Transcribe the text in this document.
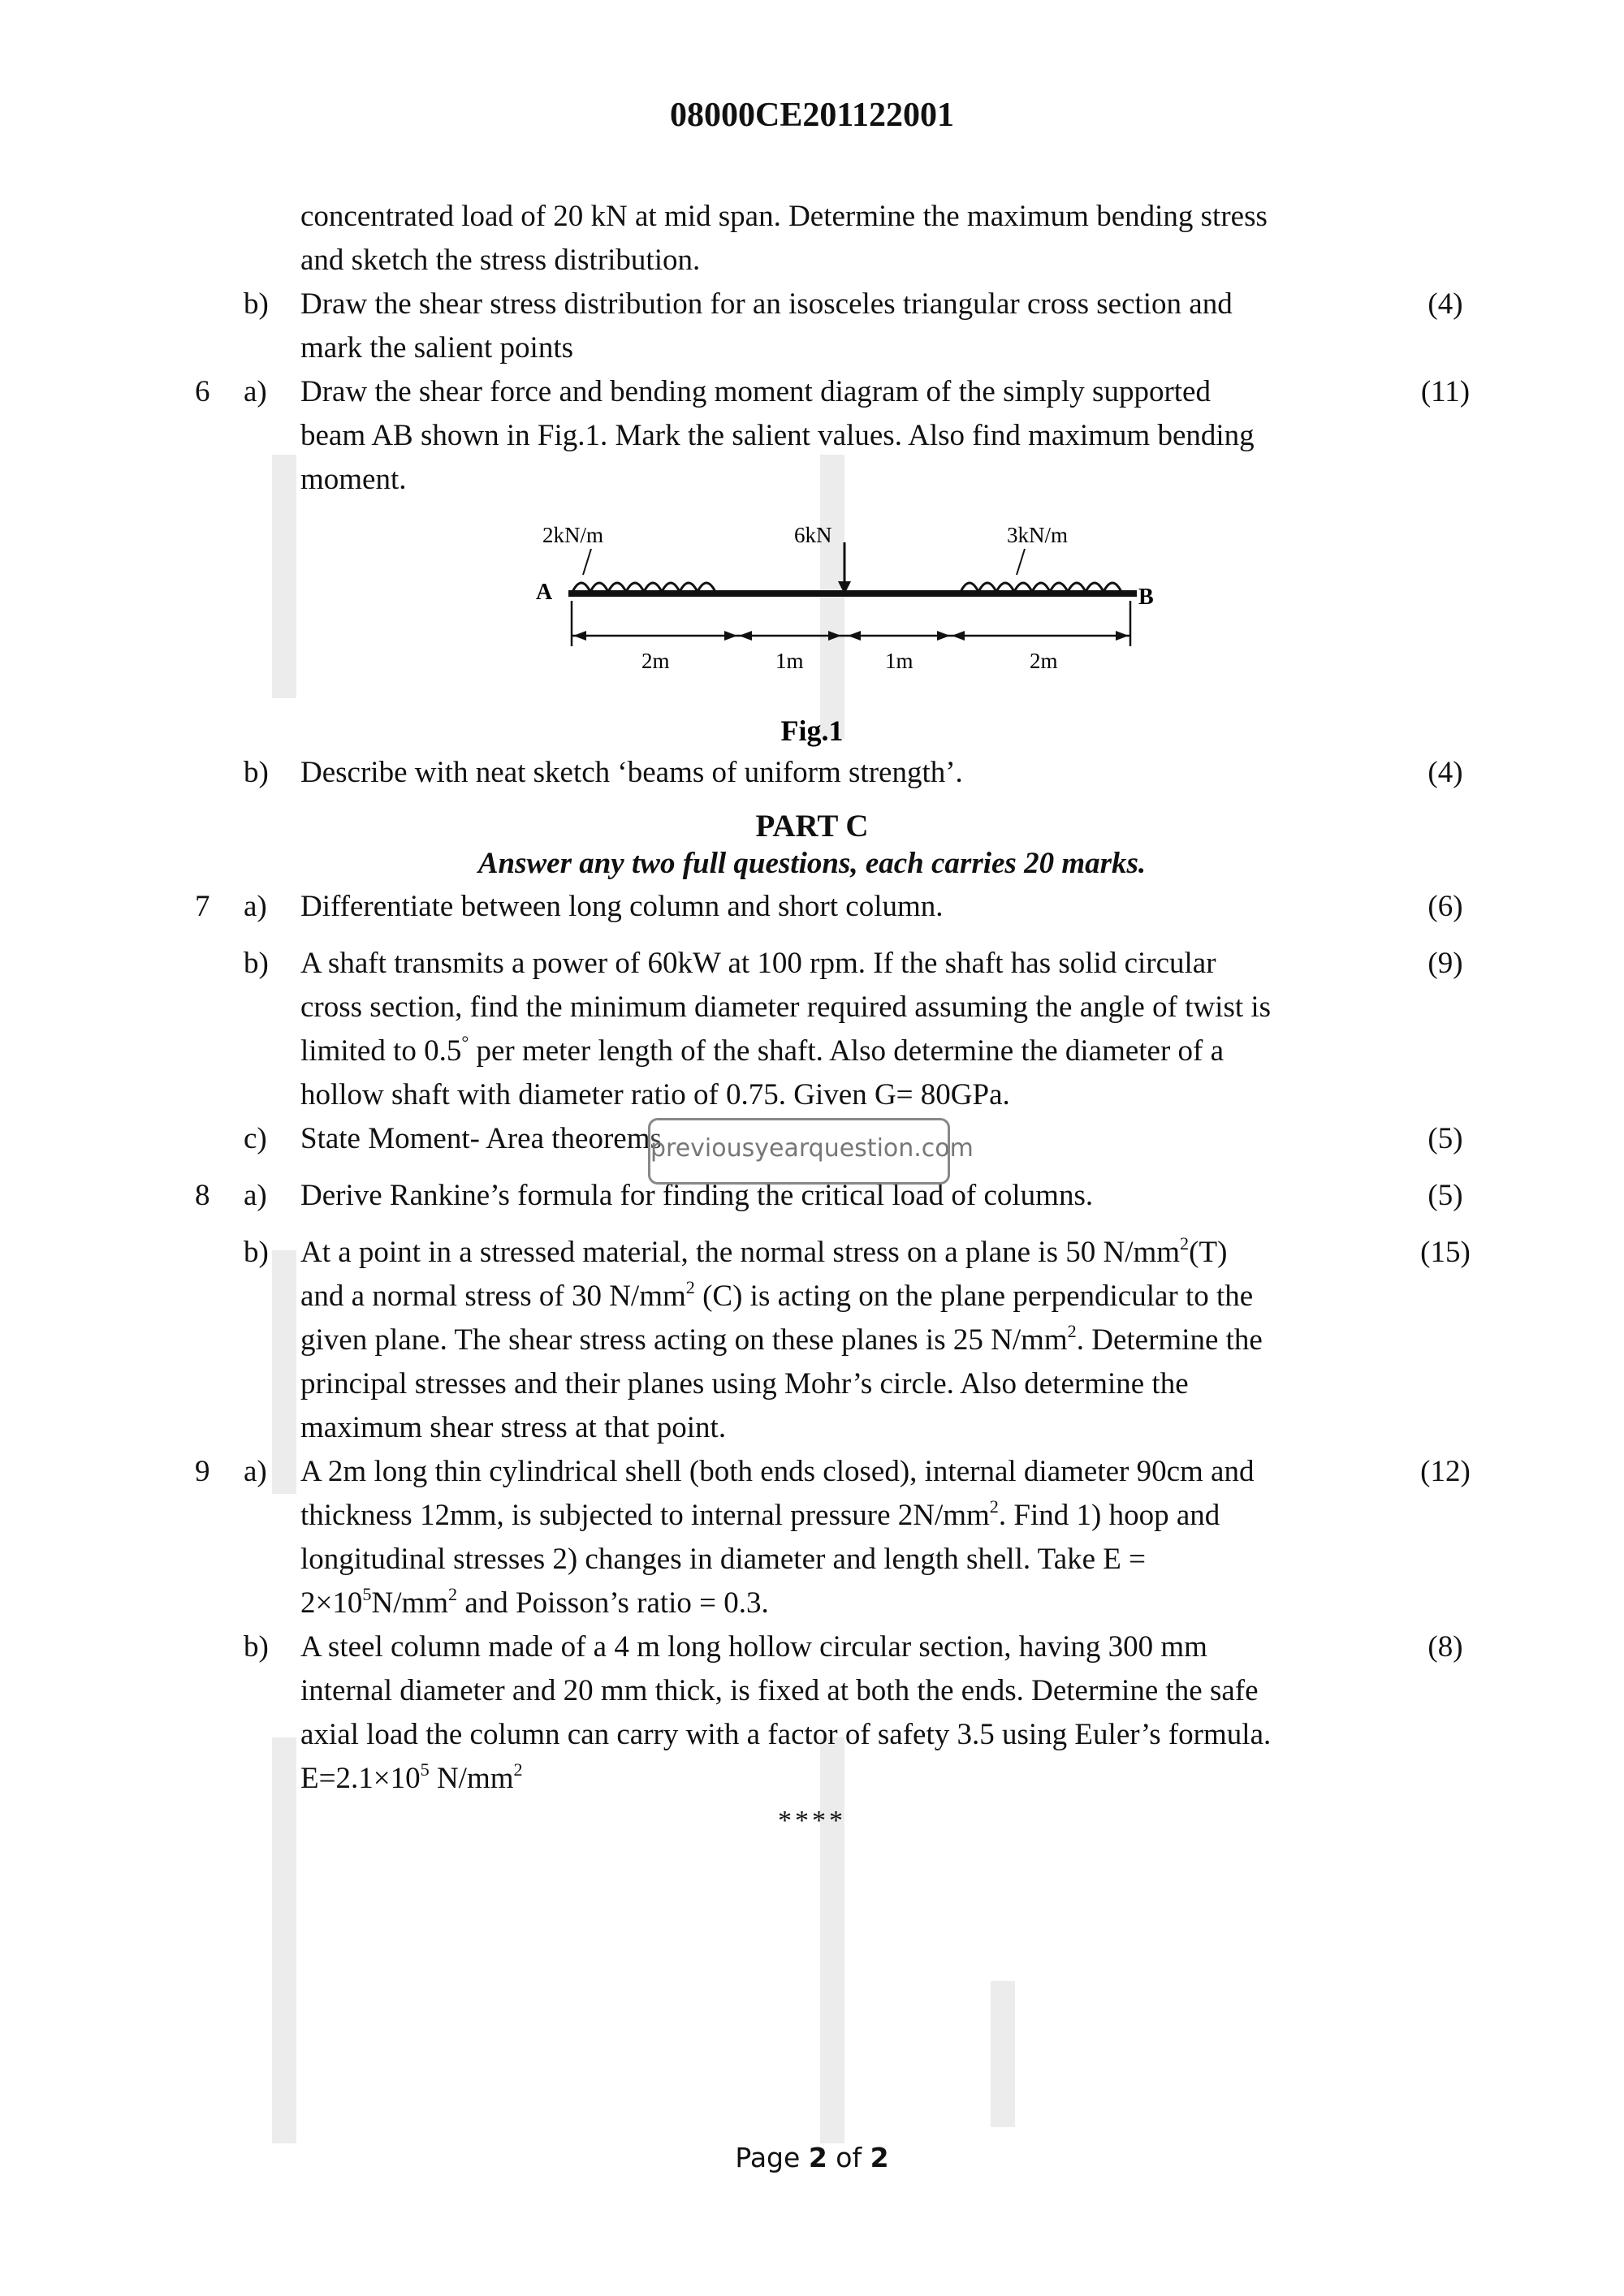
08000CE201122001
concentrated load of 20 kN at mid span. Determine the maximum bending stress
and sketch the stress distribution.
b)	Draw the shear stress distribution for an isosceles triangular cross section and	(4)
mark the salient points
6	a)	Draw the shear force and bending moment diagram of the simply supported	(11)
beam AB shown in Fig.1. Mark the salient values. Also find maximum bending
moment.
2kN/m	6kN	3kN/m
A	B
2m	1m	1m	2m
Fig.1
b)	Describe with neat sketch ‘beams of uniform strength’.	(4)
PART C
Answer any two full questions, each carries 20 marks.
7	a)	Differentiate between long column and short column.	(6)
b)	A shaft transmits a power of 60kW at 100 rpm. If the shaft has solid circular	(9)
cross section, find the minimum diameter required assuming the angle of twist is
limited to 0.5° per meter length of the shaft. Also determine the diameter of a
hollow shaft with diameter ratio of 0.75. Given G= 80GPa.
c)	State Moment- Area theorems	(5)
previousyearquestion.com
8	a)	Derive Rankine’s formula for finding the critical load of columns.	(5)
b)	At a point in a stressed material, the normal stress on a plane is 50 $N/mm^2(T)$	(15)
and a normal stress of 30 $N/mm^2$ (C) is acting on the plane perpendicular to the
given plane. The shear stress acting on these planes is 25 $N/mm^2$. Determine the
principal stresses and their planes using Mohr’s circle. Also determine the
maximum shear stress at that point.
9	a)	A 2m long thin cylindrical shell (both ends closed), internal diameter 90cm and	(12)
thickness 12mm, is subjected to internal pressure $2N/mm^2$. Find 1) hoop and
longitudinal stresses 2) changes in diameter and length shell. Take E =
$2\times 10^5N/mm^2$ and Poisson’s ratio = 0.3.
b)	A steel column made of a 4 m long hollow circular section, having 300 mm	(8)
internal diameter and 20 mm thick, is fixed at both the ends. Determine the safe
axial load the column can carry with a factor of safety 3.5 using Euler’s formula.
$E=2.1\times 10^5$ $N/mm^2$
****
Page 2 of 2
